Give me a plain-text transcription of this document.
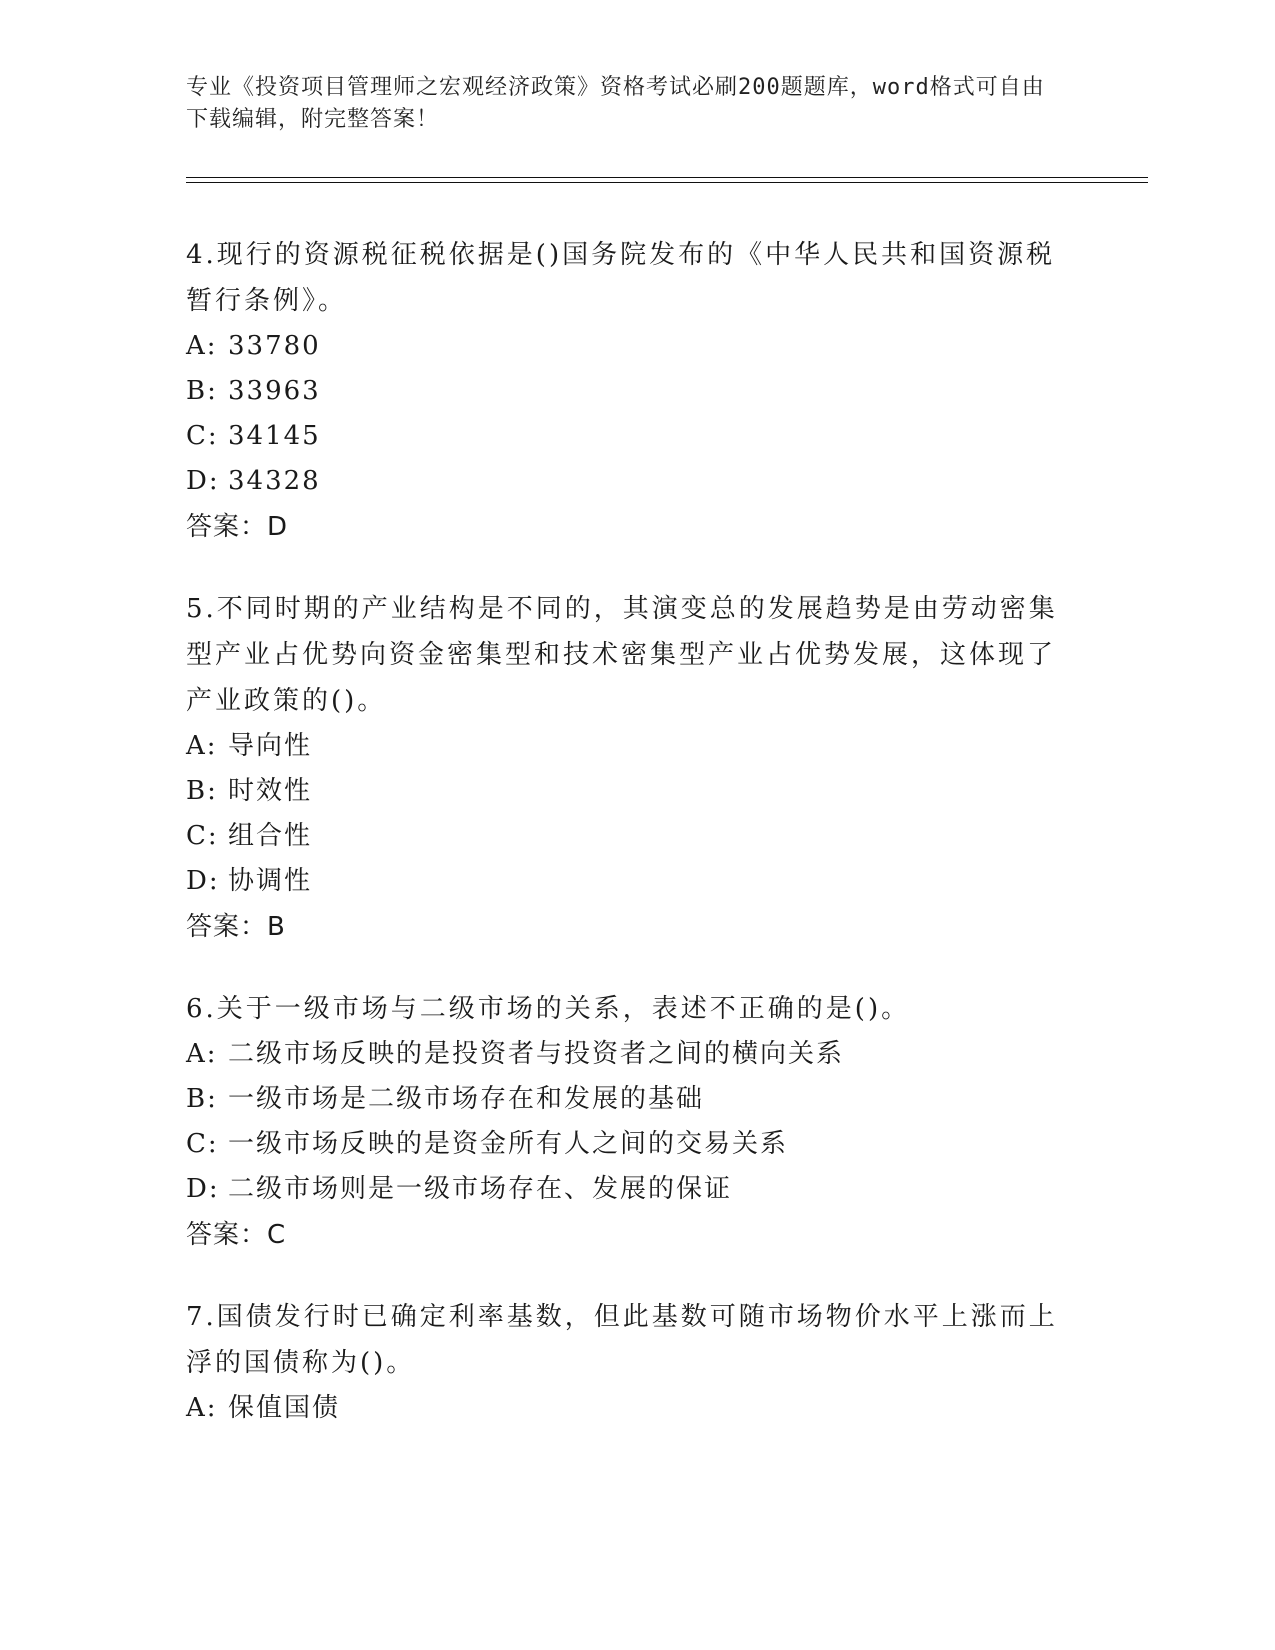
专业《投资项目管理师之宏观经济政策》资格考试必刷200题题库，word格式可自由下载编辑，附完整答案！
4.现行的资源税征税依据是()国务院发布的《中华人民共和国资源税暂行条例》。
A: 33780
B: 33963
C: 34145
D: 34328
答案：D
5.不同时期的产业结构是不同的，其演变总的发展趋势是由劳动密集型产业占优势向资金密集型和技术密集型产业占优势发展，这体现了产业政策的()。
A: 导向性
B: 时效性
C: 组合性
D: 协调性
答案：B
6.关于一级市场与二级市场的关系，表述不正确的是()。
A: 二级市场反映的是投资者与投资者之间的横向关系
B: 一级市场是二级市场存在和发展的基础
C: 一级市场反映的是资金所有人之间的交易关系
D: 二级市场则是一级市场存在、发展的保证
答案：C
7.国债发行时已确定利率基数，但此基数可随市场物价水平上涨而上浮的国债称为()。
A: 保值国债
